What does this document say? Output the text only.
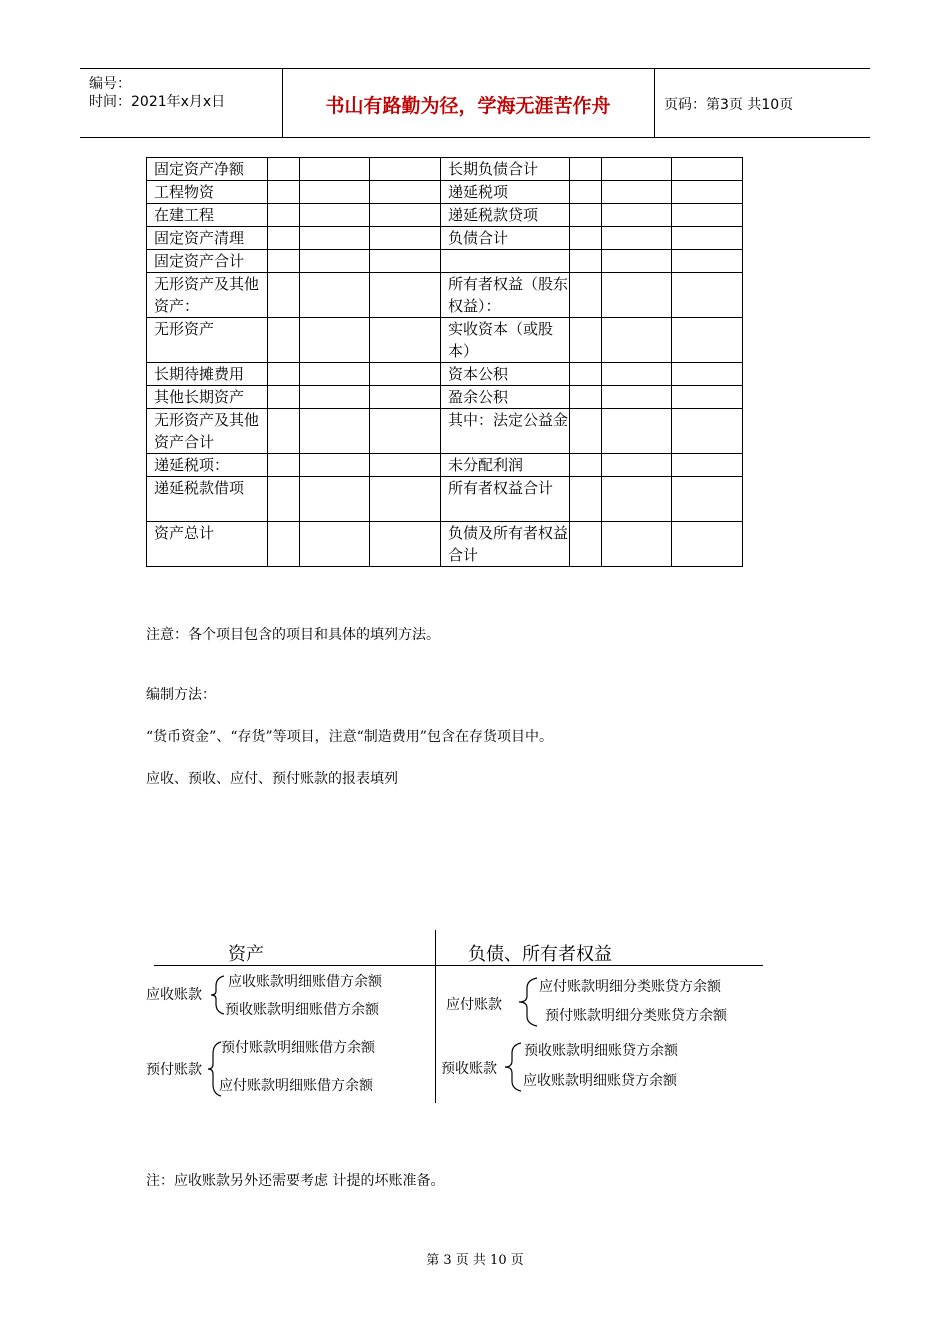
编号：
时间：2021年x月x日	书山有路勤为径，学海无涯苦作舟	页码：第3页 共10页
固定资产净额				长期负债合计			
工程物资				递延税项			
在建工程				递延税款贷项			
固定资产清理				负债合计			
固定资产合计							
无形资产及其他资产：				所有者权益（股东权益）：			
无形资产				实收资本（或股本）			
长期待摊费用				资本公积			
其他长期资产				盈余公积			
无形资产及其他资产合计				其中：法定公益金			
递延税项：				未分配利润			
递延税款借项				所有者权益合计			
资产总计				负债及所有者权益合计			
注意：各个项目包含的项目和具体的填列方法。
编制方法：
“货币资金”、“存货”等项目，注意“制造费用”包含在存货项目中。
应收、预收、应付、预付账款的报表填列
资产	负债、所有者权益
应收账款
应收账款明细账借方余额
预收账款明细账借方余额
预付账款
预付账款明细账借方余额
应付账款明细账借方余额
应付账款
应付账款明细分类账贷方余额
预付账款明细分类账贷方余额
预收账款
预收账款明细账贷方余额
应收账款明细账贷方余额
注：应收账款另外还需要考虑 计提的坏账准备。
第 3 页 共 10 页
